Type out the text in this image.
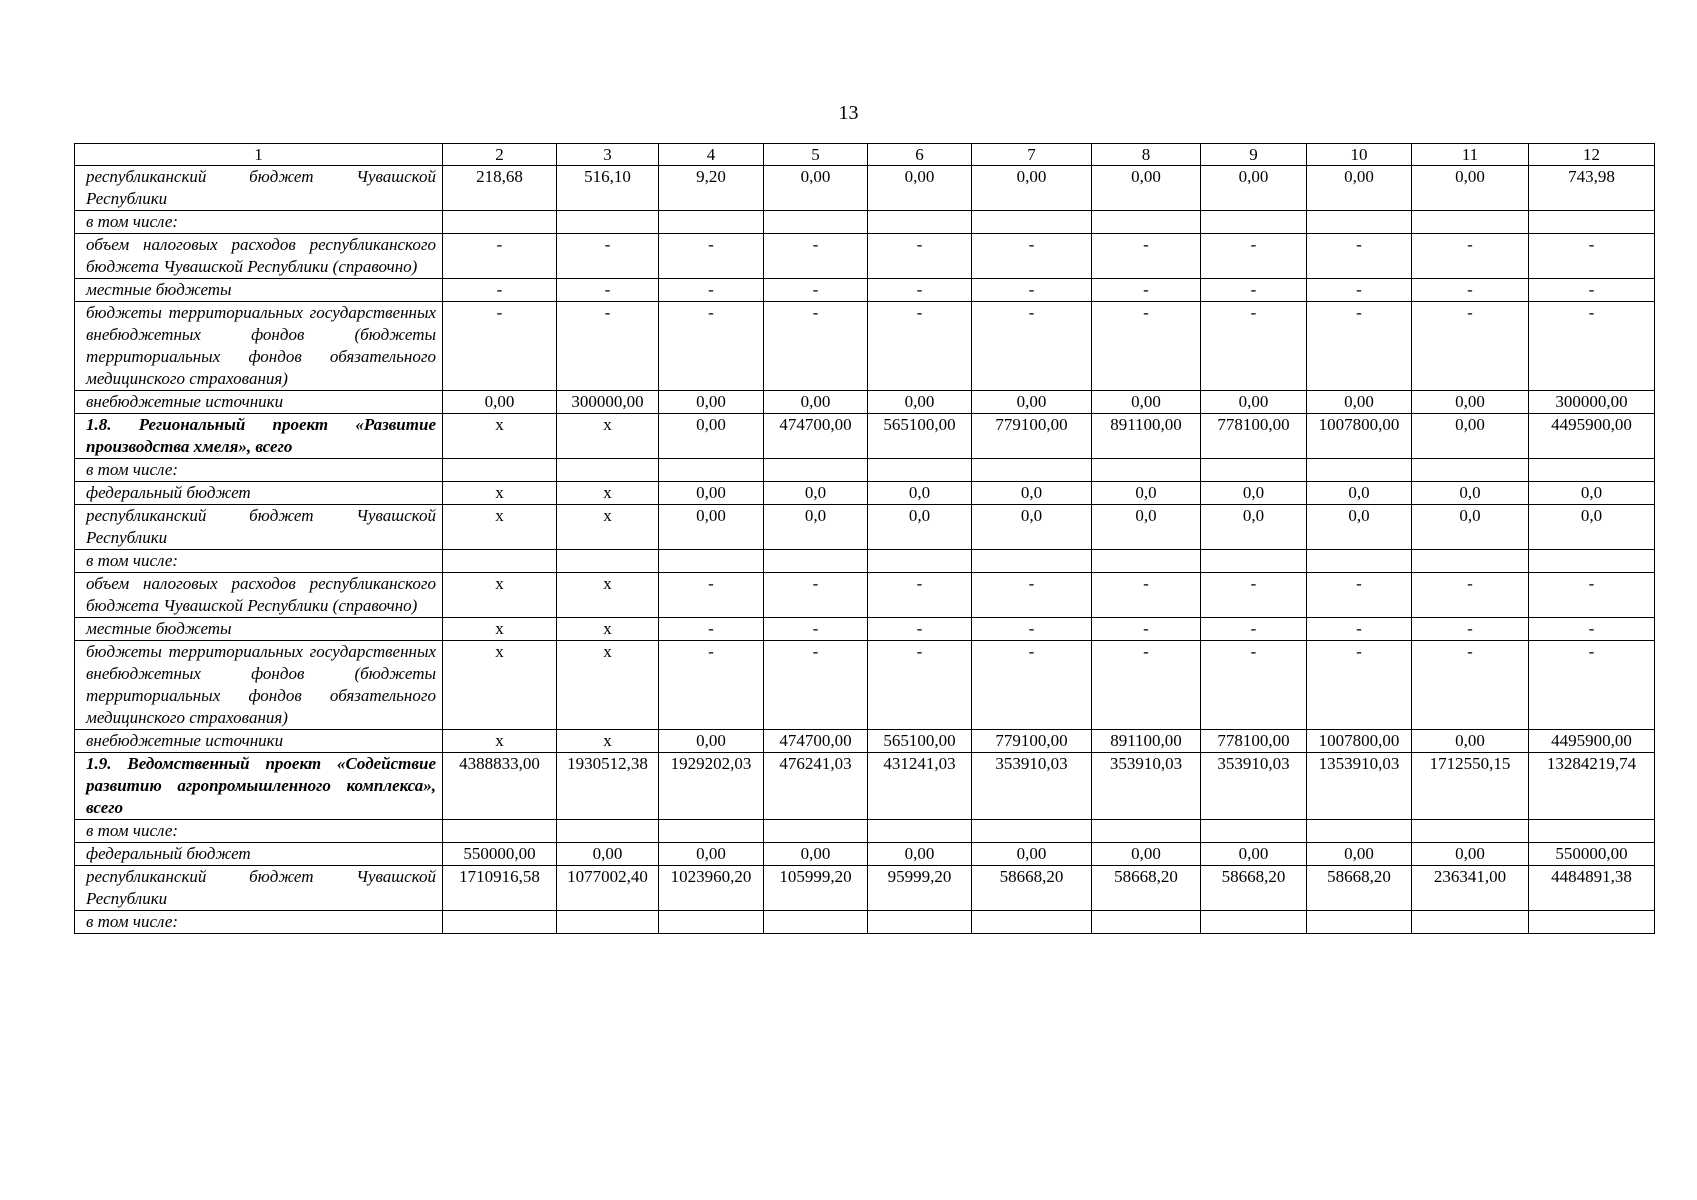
13
1	2	3	4	5	6	7	8	9	10	11	12
республиканский бюджет Чувашской Республики	218,68	516,10	9,20	0,00	0,00	0,00	0,00	0,00	0,00	0,00	743,98
в том числе:											
объем налоговых расходов республиканского бюджета Чувашской Республики (справочно)	-	-	-	-	-	-	-	-	-	-	-
местные бюджеты	-	-	-	-	-	-	-	-	-	-	-
бюджеты территориальных государственных внебюджетных фондов (бюджеты территориальных фондов обязательного медицинского страхования)	-	-	-	-	-	-	-	-	-	-	-
внебюджетные источники	0,00	300000,00	0,00	0,00	0,00	0,00	0,00	0,00	0,00	0,00	300000,00
1.8. Региональный проект «Развитие производства хмеля», всего	х	х	0,00	474700,00	565100,00	779100,00	891100,00	778100,00	1007800,00	0,00	4495900,00
в том числе:											
федеральный бюджет	х	х	0,00	0,0	0,0	0,0	0,0	0,0	0,0	0,0	0,0
республиканский бюджет Чувашской Республики	х	х	0,00	0,0	0,0	0,0	0,0	0,0	0,0	0,0	0,0
в том числе:											
объем налоговых расходов республиканского бюджета Чувашской Республики (справочно)	х	х	-	-	-	-	-	-	-	-	-
местные бюджеты	х	х	-	-	-	-	-	-	-	-	-
бюджеты территориальных государственных внебюджетных фондов (бюджеты территориальных фондов обязательного медицинского страхования)	х	х	-	-	-	-	-	-	-	-	-
внебюджетные источники	х	х	0,00	474700,00	565100,00	779100,00	891100,00	778100,00	1007800,00	0,00	4495900,00
1.9. Ведомственный проект «Содействие развитию агропромышленного комплекса», всего	4388833,00	1930512,38	1929202,03	476241,03	431241,03	353910,03	353910,03	353910,03	1353910,03	1712550,15	13284219,74
в том числе:											
федеральный бюджет	550000,00	0,00	0,00	0,00	0,00	0,00	0,00	0,00	0,00	0,00	550000,00
республиканский бюджет Чувашской Республики	1710916,58	1077002,40	1023960,20	105999,20	95999,20	58668,20	58668,20	58668,20	58668,20	236341,00	4484891,38
в том числе:											
